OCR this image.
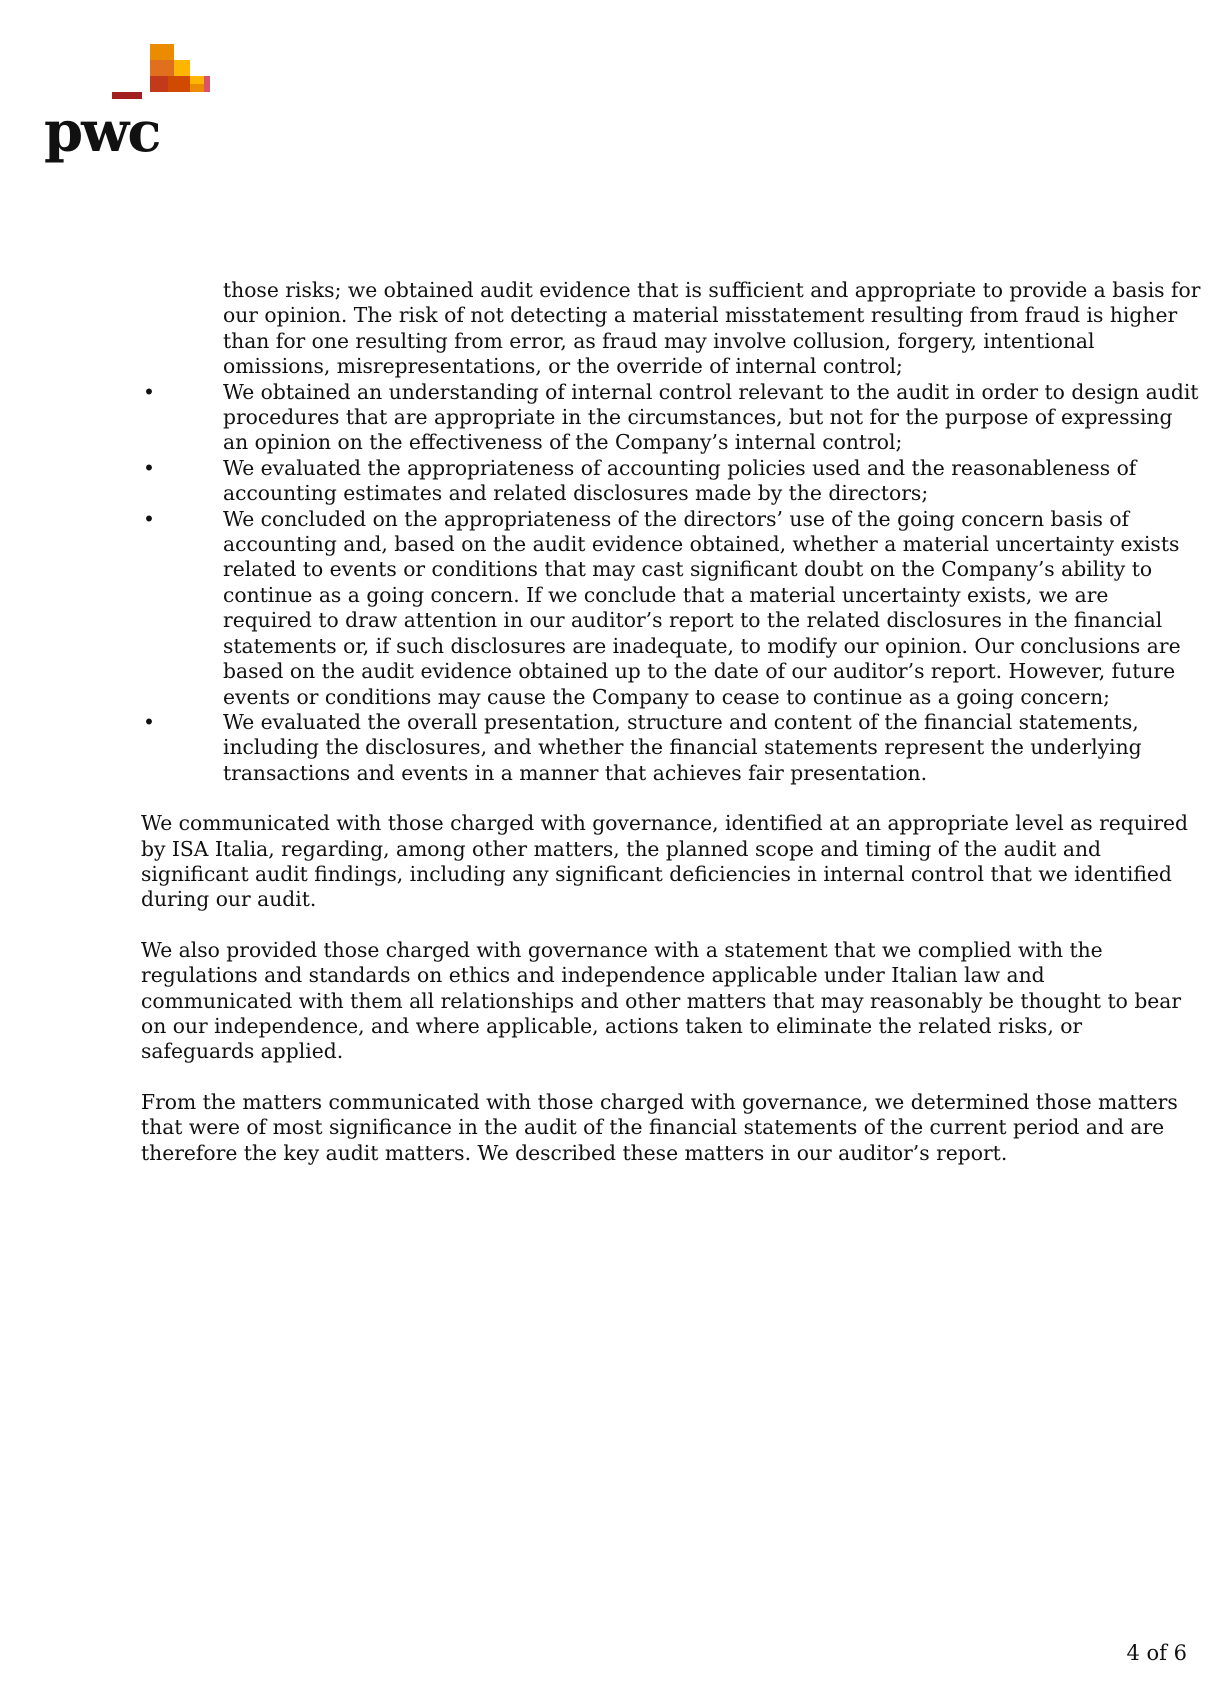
pwc
those risks; we obtained audit evidence that is sufficient and appropriate to provide a basis for our opinion. The risk of not detecting a material misstatement resulting from fraud is higher than for one resulting from error, as fraud may involve collusion, forgery, intentional omissions, misrepresentations, or the override of internal control;
•	We obtained an understanding of internal control relevant to the audit in order to design audit procedures that are appropriate in the circumstances, but not for the purpose of expressing an opinion on the effectiveness of the Company’s internal control;
•	We evaluated the appropriateness of accounting policies used and the reasonableness of accounting estimates and related disclosures made by the directors;
•	We concluded on the appropriateness of the directors’ use of the going concern basis of accounting and, based on the audit evidence obtained, whether a material uncertainty exists related to events or conditions that may cast significant doubt on the Company’s ability to continue as a going concern. If we conclude that a material uncertainty exists, we are required to draw attention in our auditor’s report to the related disclosures in the financial statements or, if such disclosures are inadequate, to modify our opinion. Our conclusions are based on the audit evidence obtained up to the date of our auditor’s report. However, future events or conditions may cause the Company to cease to continue as a going concern;
•	We evaluated the overall presentation, structure and content of the financial statements, including the disclosures, and whether the financial statements represent the underlying transactions and events in a manner that achieves fair presentation.

We communicated with those charged with governance, identified at an appropriate level as required by ISA Italia, regarding, among other matters, the planned scope and timing of the audit and significant audit findings, including any significant deficiencies in internal control that we identified during our audit.

We also provided those charged with governance with a statement that we complied with the regulations and standards on ethics and independence applicable under Italian law and communicated with them all relationships and other matters that may reasonably be thought to bear on our independence, and where applicable, actions taken to eliminate the related risks, or safeguards applied.

From the matters communicated with those charged with governance, we determined those matters that were of most significance in the audit of the financial statements of the current period and are therefore the key audit matters. We described these matters in our auditor’s report.

4 of 6
